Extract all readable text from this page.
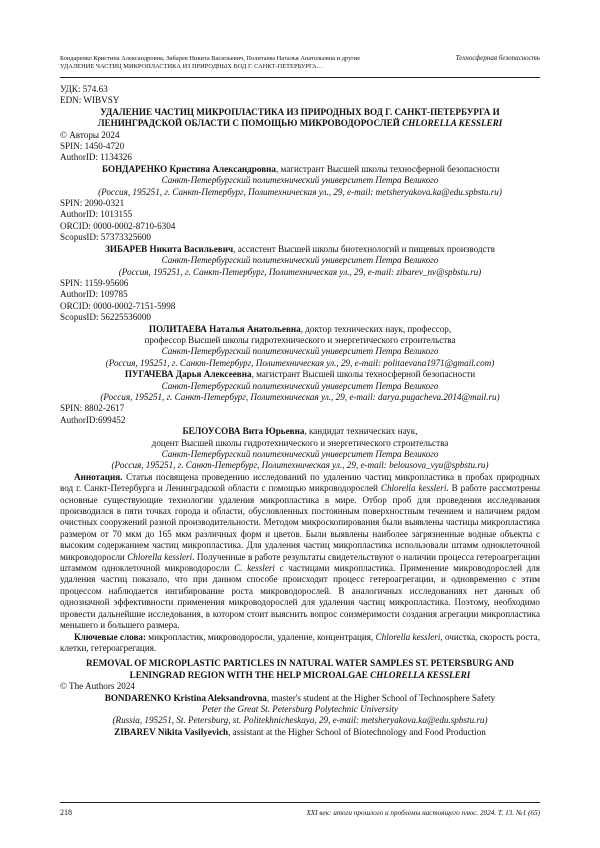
Бондаренко Кристина Александровна, Зибарев Никита Васильевич, Политаева Наталья Анатольевна и другие
УДАЛЕНИЕ ЧАСТИЦ МИКРОПЛАСТИКА ИЗ ПРИРОДНЫХ ВОД Г. САНКТ-ПЕТЕРБУРГА…
Техносферная безопасность

УДК: 574.63

EDN: WIBVSY

УДАЛЕНИЕ ЧАСТИЦ МИКРОПЛАСТИКА ИЗ ПРИРОДНЫХ ВОД Г. САНКТ-ПЕТЕРБУРГА И ЛЕНИНГРАДСКОЙ ОБЛАСТИ С ПОМОЩЬЮ МИКРОВОДОРОСЛЕЙ CHLORELLA KESSLERI

© Авторы 2024

SPIN: 1450-4720

AuthorID: 1134326

БОНДАРЕНКО Кристина Александровна, магистрант Высшей школы техносферной безопасности

Санкт-Петербургский политехнический университет Петра Великого

(Россия, 195251, г. Санкт-Петербург, Политехническая ул., 29, e-mail: metsheryakova.ka@edu.spbstu.ru)

SPIN: 2090-0321

AuthorID: 1013155

ORCID: 0000-0002-8710-6304

ScopusID: 57373325600

ЗИБАРЕВ Никита Васильевич, ассистент Высшей школы биотехнологий и пищевых производств

Санкт-Петербургский политехнический университет Петра Великого

(Россия, 195251, г. Санкт-Петербург, Политехническая ул., 29, e-mail: zibarev_nv@spbstu.ru)

SPIN: 1159-95606

AuthorID: 109785

ORCID: 0000-0002-7151-5998

ScopusID: 56225536000

ПОЛИТАЕВА Наталья Анатольевна, доктор технических наук, профессор,

профессор Высшей школы гидротехнического и энергетического строительства

Санкт-Петербургский политехнический университет Петра Великого

(Россия, 195251, г. Санкт-Петербург, Политехническая ул., 29, e-mail: politaevana1971@gmail.com)

ПУГАЧЕВА Дарья Алексеевна, магистрант Высшей школы техносферной безопасности

Санкт-Петербургский политехнический университет Петра Великого

(Россия, 195251, г. Санкт-Петербург, Политехническая ул., 29, e-mail: darya.pugacheva.2014@mail.ru)

SPIN: 8802-2617

AuthorID:699452

БЕЛОУСОВА Вита Юрьевна, кандидат технических наук,

доцент Высшей школы гидротехнического и энергетического строительства

Санкт-Петербургский политехнический университет Петра Великого

(Россия, 195251, г. Санкт-Петербург, Политехническая ул., 29, e-mail: belousova_vyu@spbstu.ru)

Аннотация. Статья посвящена проведению исследований по удалению частиц микропластика в пробах природных вод г. Санкт-Петербурга и Ленинградской области с помощью микроводорослей Chlorella kessleri. В работе рассмотрены основные существующие технологии удаления микропластика в мире. Отбор проб для проведения исследования производился в пяти точках города и области, обусловленных постоянным поверхностным течением и наличием рядом очистных сооружений разной производительности. Методом микроскопирования были выявлены частицы микропластика размером от 70 мкм до 165 мкм различных форм и цветов. Были выявлены наиболее загрязненные водные объекты с высоким содержанием частиц микропластика. Для удаления частиц микропластика использовали штамм одноклеточной микроводоросли Chlorella kessleri. Полученные в работе результаты свидетельствуют о наличии процесса гетероагрегации штаммом одноклеточной микроводоросли C. kessleri с частицами микропластика. Применение микроводорослей для удаления частиц показало, что при данном способе происходит процесс гетероагрегации, и одновременно с этим процессом наблюдается ингибирование роста микроводорослей. В аналогичных исследованиях нет данных об однозначной эффективности применения микроводорослей для удаления частиц микропластика. Поэтому, необходимо провести дальнейшие исследования, в котором стоит выяснить вопрос соизмеримости создания агрегации микропластика меньшего и большего размера.

Ключевые слова: микропластик, микроводоросли, удаление, концентрация, Chlorella kessleri, очистка, скорость роста, клетки, гетероагрегация.

REMOVAL OF MICROPLASTIC PARTICLES IN NATURAL WATER SAMPLES ST. PETERSBURG AND LENINGRAD REGION WITH THE HELP MICROALGAE CHLORELLA KESSLERI

© The Authors 2024

BONDARENKO Kristina Aleksandrovna, master's student at the Higher School of Technosphere Safety

Peter the Great St. Petersburg Polytechnic University

(Russia, 195251, St. Petersburg, st. Politekhnicheskaya, 29, e-mail: metsheryakova.ka@edu.spbstu.ru)

ZIBAREV Nikita Vasilyevich, assistant at the Higher School of Biotechnology and Food Production

218	XXI век: итоги прошлого и проблемы настоящего плюс. 2024. Т. 13. №1 (65)
